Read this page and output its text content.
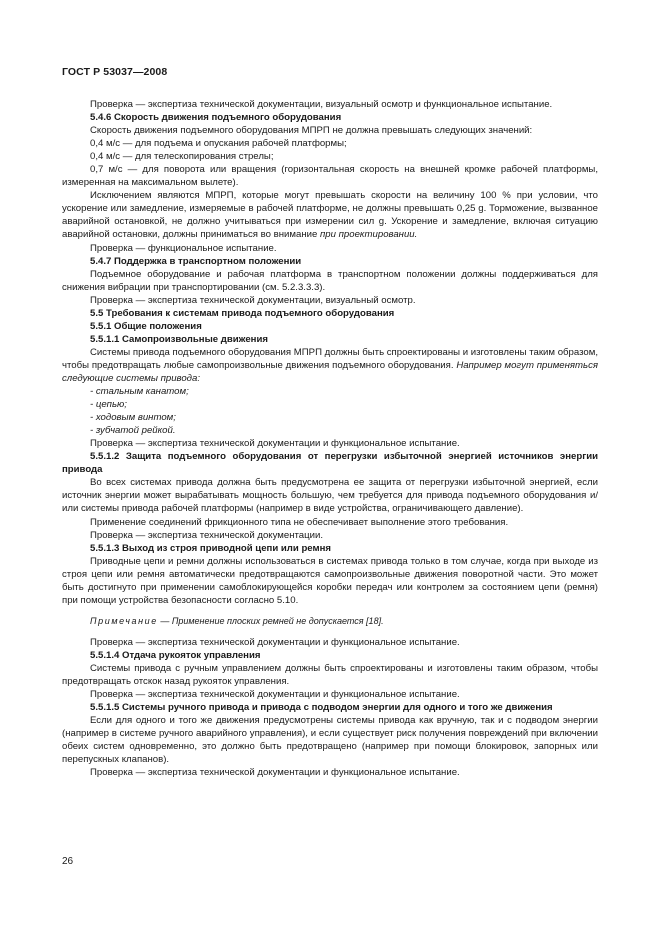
ГОСТ Р 53037—2008

Проверка — экспертиза технической документации, визуальный осмотр и функциональное испытание.

5.4.6 Скорость движения подъемного оборудования

Скорость движения подъемного оборудования МПРП не должна превышать следующих значений:

0,4 м/с — для подъема и опускания рабочей платформы;

0,4 м/с — для телескопирования стрелы;

0,7 м/с — для поворота или вращения (горизонтальная скорость на внешней кромке рабочей платформы, измеренная на максимальном вылете).

Исключением являются МПРП, которые могут превышать скорости на величину 100 % при условии, что ускорение или замедление, измеряемые в рабочей платформе, не должны превышать 0,25 g. Торможение, вызванное аварийной остановкой, не должно учитываться при измерении сил g. Ускорение и замедление, включая ситуацию аварийной остановки, должны приниматься во внимание при проектировании.

Проверка — функциональное испытание.

5.4.7 Поддержка в транспортном положении

Подъемное оборудование и рабочая платформа в транспортном положении должны поддерживаться для снижения вибрации при транспортировании (см. 5.2.3.3.3).

Проверка — экспертиза технической документации, визуальный осмотр.

5.5 Требования к системам привода подъемного оборудования

5.5.1 Общие положения

5.5.1.1 Самопроизвольные движения

Системы привода подъемного оборудования МПРП должны быть спроектированы и изготовлены таким образом, чтобы предотвращать любые самопроизвольные движения подъемного оборудования. Например могут применяться следующие системы привода:

- стальным канатом;

- цепью;

- ходовым винтом;

- зубчатой рейкой.

Проверка — экспертиза технической документации и функциональное испытание.

5.5.1.2 Защита подъемного оборудования от перегрузки избыточной энергией источников энергии привода

Во всех системах привода должна быть предусмотрена ее защита от перегрузки избыточной энергией, если источник энергии может вырабатывать мощность большую, чем требуется для привода подъемного оборудования и/или системы привода рабочей платформы (например в виде устройства, ограничивающего давление).

Применение соединений фрикционного типа не обеспечивает выполнение этого требования.

Проверка — экспертиза технической документации.

5.5.1.3 Выход из строя приводной цепи или ремня

Приводные цепи и ремни должны использоваться в системах привода только в том случае, когда при выходе из строя цепи или ремня автоматически предотвращаются самопроизвольные движения поворотной части. Это может быть достигнуто при применении самоблокирующейся коробки передач или контролем за состоянием цепи (ремня) при помощи устройства безопасности согласно 5.10.

Примечание — Применение плоских ремней не допускается [18].

Проверка — экспертиза технической документации и функциональное испытание.

5.5.1.4 Отдача рукояток управления

Системы привода с ручным управлением должны быть спроектированы и изготовлены таким образом, чтобы предотвращать отскок назад рукояток управления.

Проверка — экспертиза технической документации и функциональное испытание.

5.5.1.5 Системы ручного привода и привода с подводом энергии для одного и того же движения

Если для одного и того же движения предусмотрены системы привода как вручную, так и с подводом энергии (например в системе ручного аварийного управления), и если существует риск получения повреждений при включении обеих систем одновременно, это должно быть предотвращено (например при помощи блокировок, запорных или перепускных клапанов).

Проверка — экспертиза технической документации и функциональное испытание.

26
